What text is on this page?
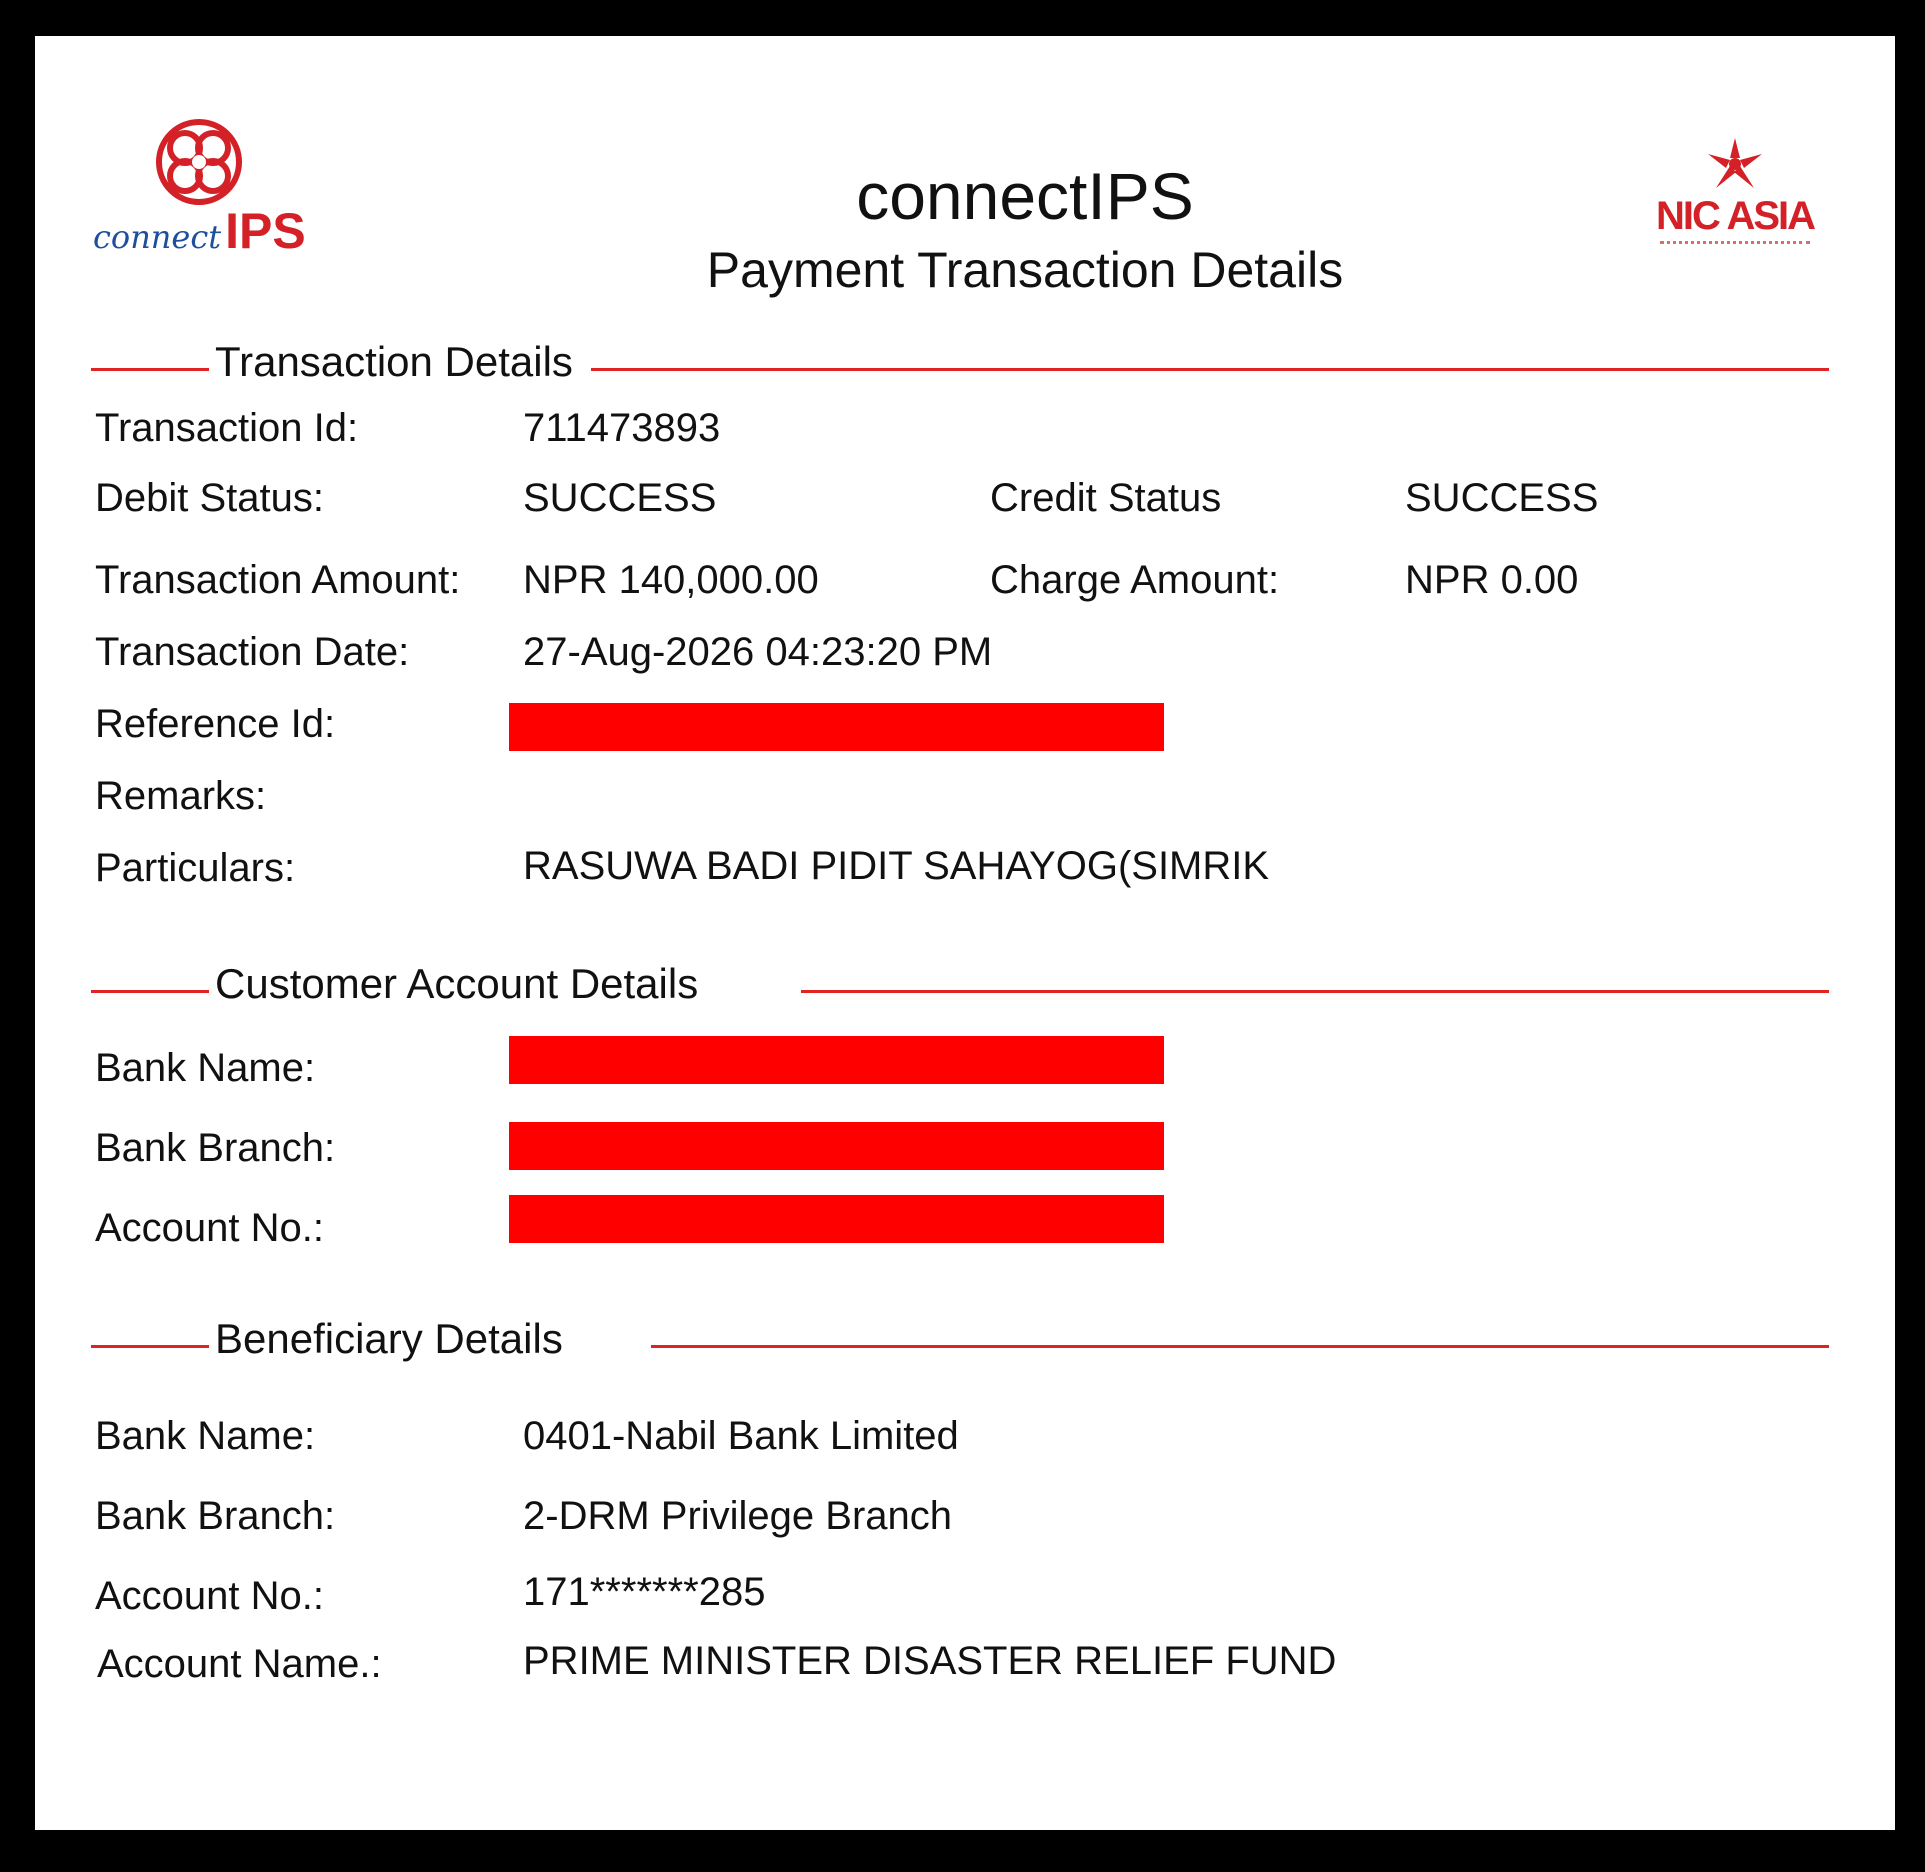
connectIPS	connectIPS
Payment Transaction Details
NIC ASIA
Transaction Details
Transaction Id:	711473893
Debit Status:	SUCCESS	Credit Status	SUCCESS
Transaction Amount: NPR 140,000.00	Charge Amount:	NPR 0.00
Transaction Date:	27-Aug-2026 04:23:20 PM
Reference Id:
Remarks:
Particulars:	RASUWA BADI PIDIT SAHAYOG(SIMRIK
Customer Account Details
Bank Name:
Bank Branch:
Account No.:
Beneficiary Details
Bank Name:	0401-Nabil Bank Limited
Bank Branch:	2-DRM Privilege Branch
Account No.:	171*******285
Account Name.:	PRIME MINISTER DISASTER RELIEF FUND
